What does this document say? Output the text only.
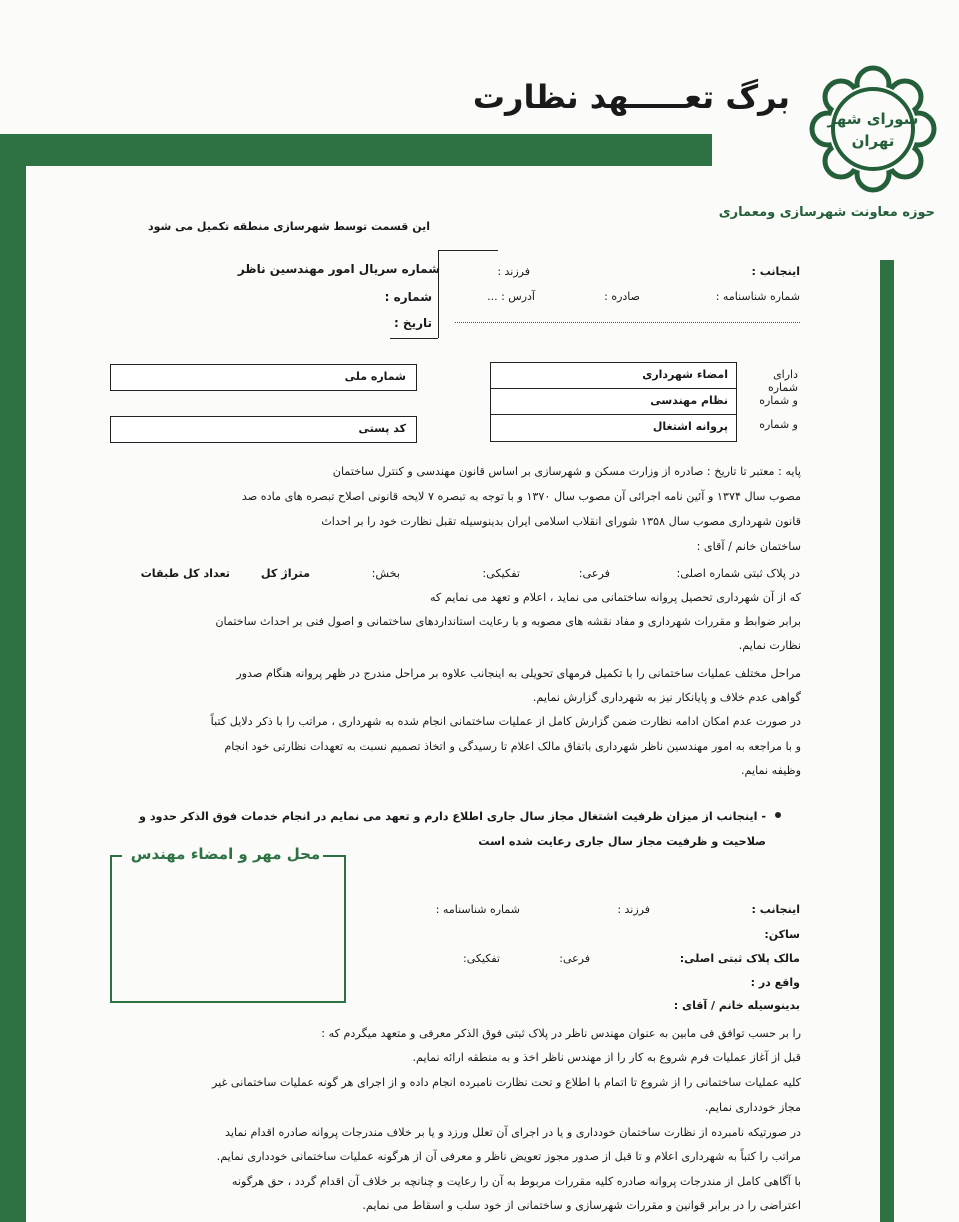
برگ تعـــــهد نظارت
شورای شهر
تهران
حوزه معاونت شهرسازی ومعماری
این قسمت توسط شهرسازی منطقه تکمیل می شود
شماره سریال امور مهندسین ناظر
شماره :
تاریخ :
اینجانب :
فرزند :
شماره شناسنامه :
صادره :
آدرس : ...
دارای شماره
و شماره
و شماره
امضاء شهرداری
نظام مهندسی
پروانه اشتغال
شماره ملی
کد پستی
پایه : معتبر تا تاریخ : صادره از وزارت مسکن و شهرسازی بر اساس قانون مهندسی و کنترل ساختمان
مصوب سال ۱۳۷۴ و آئین نامه اجرائی آن مصوب سال ۱۳۷۰ و با توجه به تبصره ۷ لایحه قانونی اصلاح تبصره های ماده صد
قانون شهرداری مصوب سال ۱۳۵۸ شورای انقلاب اسلامی ایران بدینوسیله تقبل نظارت خود را بر احداث
ساختمان خانم / آقای :
در پلاک ثبتی شماره اصلی:
فرعی:
تفکیکی:
بخش:
متراژ کل
تعداد کل طبقات
که از آن شهرداری تحصیل پروانه ساختمانی می نماید ، اعلام و تعهد می نمایم که
برابر ضوابط و مقررات شهرداری و مفاد نقشه های مصوبه و با رعایت استانداردهای ساختمانی و اصول فنی بر احداث ساختمان
نظارت نمایم.
مراحل مختلف عملیات ساختمانی را با تکمیل فرمهای تحویلی به اینجانب علاوه بر مراحل مندرج در ظهر پروانه هنگام صدور
گواهی عدم خلاف و پایانکار نیز به شهرداری گزارش نمایم.
در صورت عدم امکان ادامه نظارت ضمن گزارش کامل از عملیات ساختمانی انجام شده به شهرداری ، مراتب را با ذکر دلایل کتباً
و با مراجعه به امور مهندسین ناظر شهرداری باتفاق مالک اعلام تا رسیدگی و اتخاذ تصمیم نسبت به تعهدات نظارتی خود انجام
وظیفه نمایم.
- اینجانب از میزان ظرفیت اشتغال مجاز سال جاری اطلاع دارم و تعهد می نمایم در انجام خدمات فوق الذکر حدود و
صلاحیت و ظرفیت مجاز سال جاری رعایت شده است
محل مهر و امضاء مهندس
اینجانب :
فرزند :
شماره شناسنامه :
ساکن:
مالک پلاک ثبتی اصلی:
فرعی:
تفکیکی:
واقع در :
بدینوسیله خانم / آقای :
را بر حسب توافق فی مابین به عنوان مهندس ناظر در پلاک ثبتی فوق الذکر معرفی و متعهد میگردم که :
قبل از آغاز عملیات فرم شروع به کار را از مهندس ناظر اخذ و به منطقه ارائه نمایم.
کلیه عملیات ساختمانی را از شروع تا اتمام با اطلاع و تحت نظارت نامبرده انجام داده و از اجرای هر گونه عملیات ساختمانی غیر
مجاز خودداری نمایم.
در صورتیکه نامبرده از نظارت ساختمان خودداری و یا در اجرای آن تعلل ورزد و یا بر خلاف مندرجات پروانه صادره اقدام نماید
مراتب را کتباً به شهرداری اعلام و تا قبل از صدور مجوز تعویض ناظر و معرفی آن از هرگونه عملیات ساختمانی خودداری نمایم.
با آگاهی کامل از مندرجات پروانه صادره کلیه مقررات مربوط به آن را رعایت و چنانچه بر خلاف آن اقدام گردد ، حق هرگونه
اعتراضی را در برابر قوانین و مقررات شهرسازی و ساختمانی از خود سلب و اسقاط می نمایم.
